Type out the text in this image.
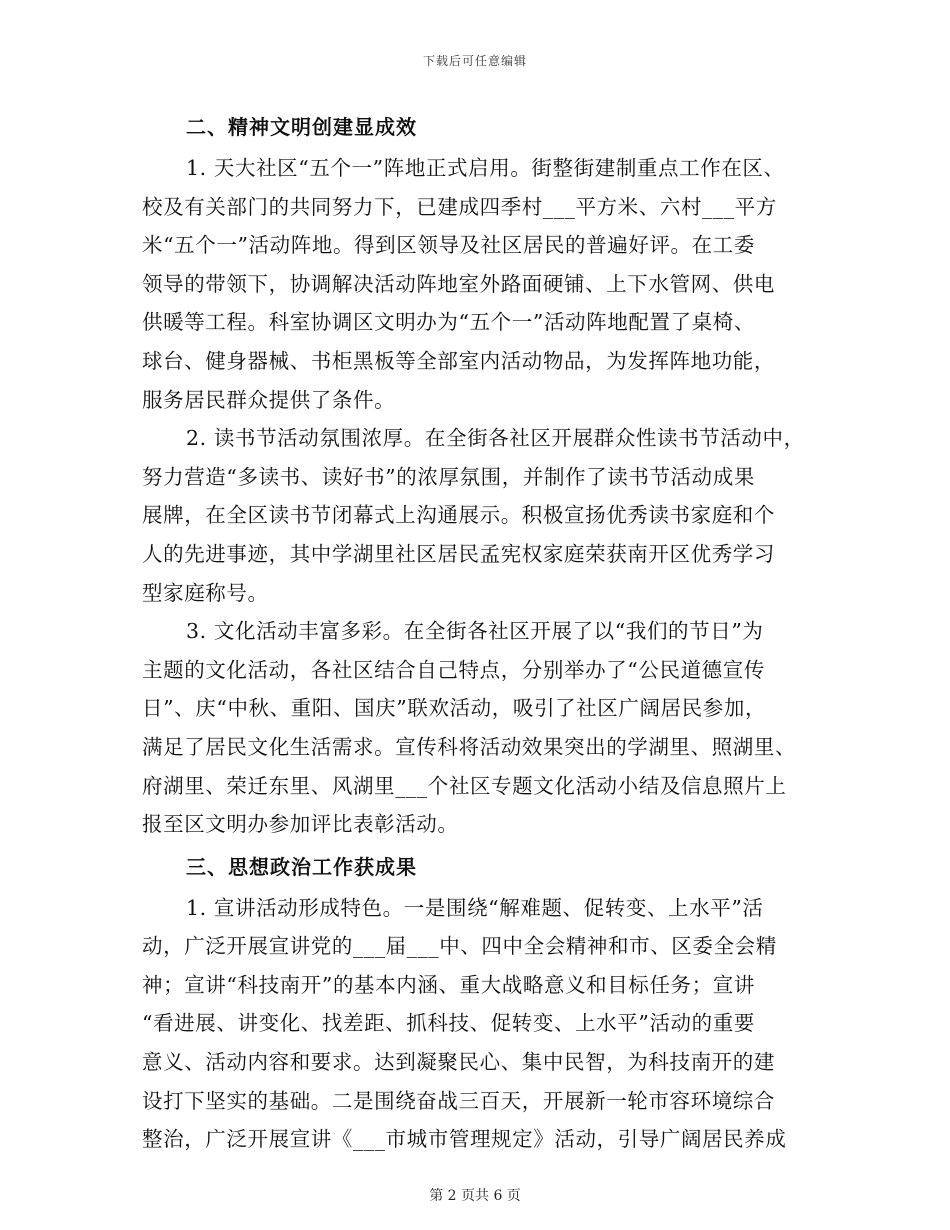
下载后可任意编辑
二、精神文明创建显成效

1. 天大社区“五个一”阵地正式启用。街整街建制重点工作在区、
校及有关部门的共同努力下，已建成四季村___平方米、六村___平方
米“五个一”活动阵地。得到区领导及社区居民的普遍好评。在工委
领导的带领下，协调解决活动阵地室外路面硬铺、上下水管网、供电
供暖等工程。科室协调区文明办为“五个一”活动阵地配置了桌椅、
球台、健身器械、书柜黑板等全部室内活动物品，为发挥阵地功能，
服务居民群众提供了条件。

2. 读书节活动氛围浓厚。在全街各社区开展群众性读书节活动中，
努力营造“多读书、读好书”的浓厚氛围，并制作了读书节活动成果
展牌，在全区读书节闭幕式上沟通展示。积极宣扬优秀读书家庭和个
人的先进事迹，其中学湖里社区居民孟宪权家庭荣获南开区优秀学习
型家庭称号。

3. 文化活动丰富多彩。在全街各社区开展了以“我们的节日”为
主题的文化活动，各社区结合自己特点，分别举办了“公民道德宣传
日”、庆“中秋、重阳、国庆”联欢活动，吸引了社区广阔居民参加，
满足了居民文化生活需求。宣传科将活动效果突出的学湖里、照湖里、
府湖里、荣迁东里、风湖里___个社区专题文化活动小结及信息照片上
报至区文明办参加评比表彰活动。

三、思想政治工作获成果

1. 宣讲活动形成特色。一是围绕“解难题、促转变、上水平”活
动，广泛开展宣讲党的___届___中、四中全会精神和市、区委全会精
神；宣讲“科技南开”的基本内涵、重大战略意义和目标任务；宣讲
“看进展、讲变化、找差距、抓科技、促转变、上水平”活动的重要
意义、活动内容和要求。达到凝聚民心、集中民智，为科技南开的建
设打下坚实的基础。二是围绕奋战三百天，开展新一轮市容环境综合
整治，广泛开展宣讲《___市城市管理规定》活动，引导广阔居民养成

第 2 页共 6 页
